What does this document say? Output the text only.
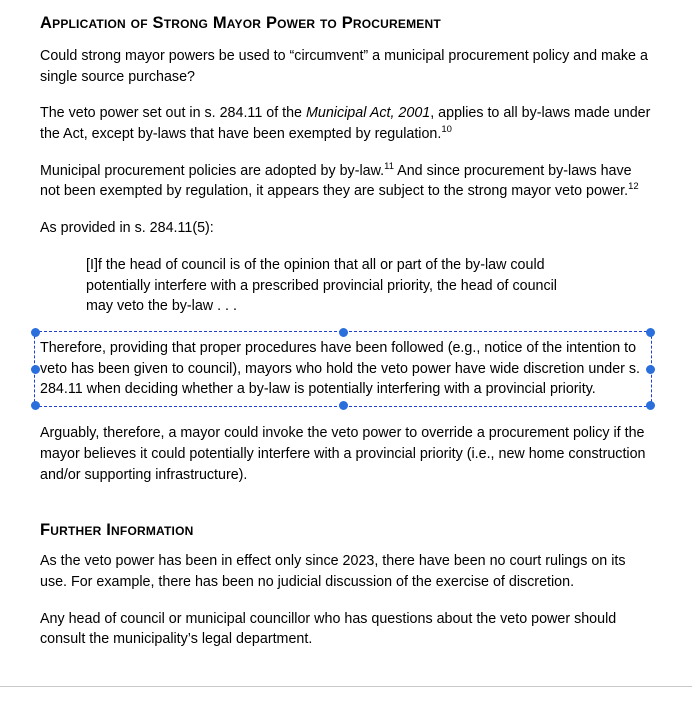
Application of Strong Mayor Power to Procurement

Could strong mayor powers be used to “circumvent” a municipal procurement policy and make a single source purchase?

The veto power set out in s. 284.11 of the Municipal Act, 2001, applies to all by-laws made under the Act, except by-laws that have been exempted by regulation.$^{10}$

Municipal procurement policies are adopted by by-law.$^{11}$ And since procurement by-laws have not been exempted by regulation, it appears they are subject to the strong mayor veto power.$^{12}$

As provided in s. 284.11(5):

[I]f the head of council is of the opinion that all or part of the by-law could potentially interfere with a prescribed provincial priority, the head of council may veto the by-law . . .

Therefore, providing that proper procedures have been followed (e.g., notice of the intention to veto has been given to council), mayors who hold the veto power have wide discretion under s. 284.11 when deciding whether a by-law is potentially interfering with a provincial priority.

Arguably, therefore, a mayor could invoke the veto power to override a procurement policy if the mayor believes it could potentially interfere with a provincial priority (i.e., new home construction and/or supporting infrastructure).

Further Information

As the veto power has been in effect only since 2023, there have been no court rulings on its use. For example, there has been no judicial discussion of the exercise of discretion.

Any head of council or municipal councillor who has questions about the veto power should consult the municipality’s legal department.
